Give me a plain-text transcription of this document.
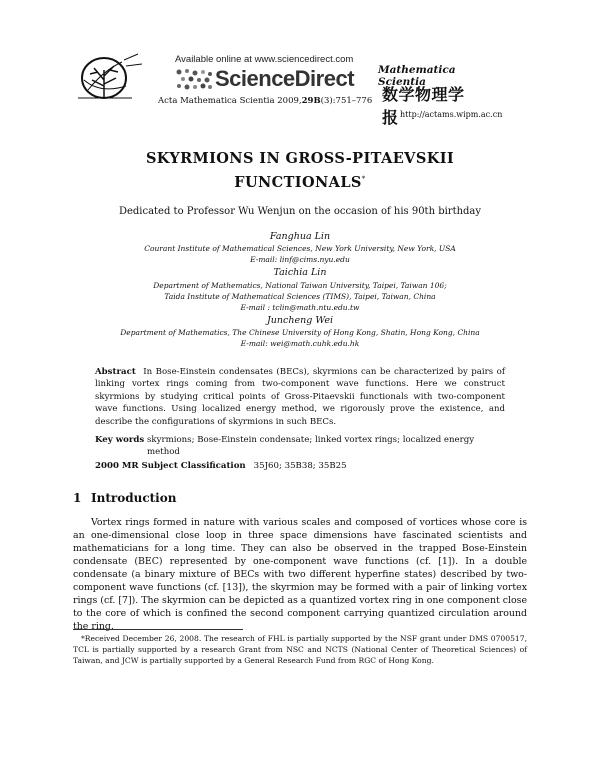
Available online at www.sciencedirect.com
ScienceDirect
Acta Mathematica Scientia 2009,29B(3):751–776
Mathematica Scientia
数学物理学报 http://actams.wipm.ac.cn
SKYRMIONS IN GROSS-PITAEVSKII
FUNCTIONALS*
Dedicated to Professor Wu Wenjun on the occasion of his 90th birthday
Fanghua Lin
Courant Institute of Mathematical Sciences, New York University, New York, USA
E-mail: linf@cims.nyu.edu
Taichia Lin
Department of Mathematics, National Taiwan University, Taipei, Taiwan 106;
Taida Institute of Mathematical Sciences (TIMS), Taipei, Taiwan, China
E-mail : tclin@math.ntu.edu.tw
Juncheng Wei
Department of Mathematics, The Chinese University of Hong Kong, Shatin, Hong Kong, China
E-mail: wei@math.cuhk.edu.hk
Abstract In Bose-Einstein condensates (BECs), skyrmions can be characterized by pairs of linking vortex rings coming from two-component wave functions. Here we construct skyrmions by studying critical points of Gross-Pitaevskii functionals with two-component wave functions. Using localized energy method, we rigorously prove the existence, and describe the configurations of skyrmions in such BECs.
Key words skyrmions; Bose-Einstein condensate; linked vortex rings; localized energy method
2000 MR Subject Classification 35J60; 35B38; 35B25
1 Introduction
Vortex rings formed in nature with various scales and composed of vortices whose core is an one-dimensional close loop in three space dimensions have fascinated scientists and mathematicians for a long time. They can also be observed in the trapped Bose-Einstein condensate (BEC) represented by one-component wave functions (cf. [1]). In a double condensate (a binary mixture of BECs with two different hyperfine states) described by two-component wave functions (cf. [13]), the skyrmion may be formed with a pair of linking vortex rings (cf. [7]). The skyrmion can be depicted as a quantized vortex ring in one component close to the core of which is confined the second component carrying quantized circulation around the ring.
*Received December 26, 2008. The research of FHL is partially supported by the NSF grant under DMS 0700517, TCL is partially supported by a research Grant from NSC and NCTS (National Center of Theoretical Sciences) of Taiwan, and JCW is partially supported by a General Research Fund from RGC of Hong Kong.
